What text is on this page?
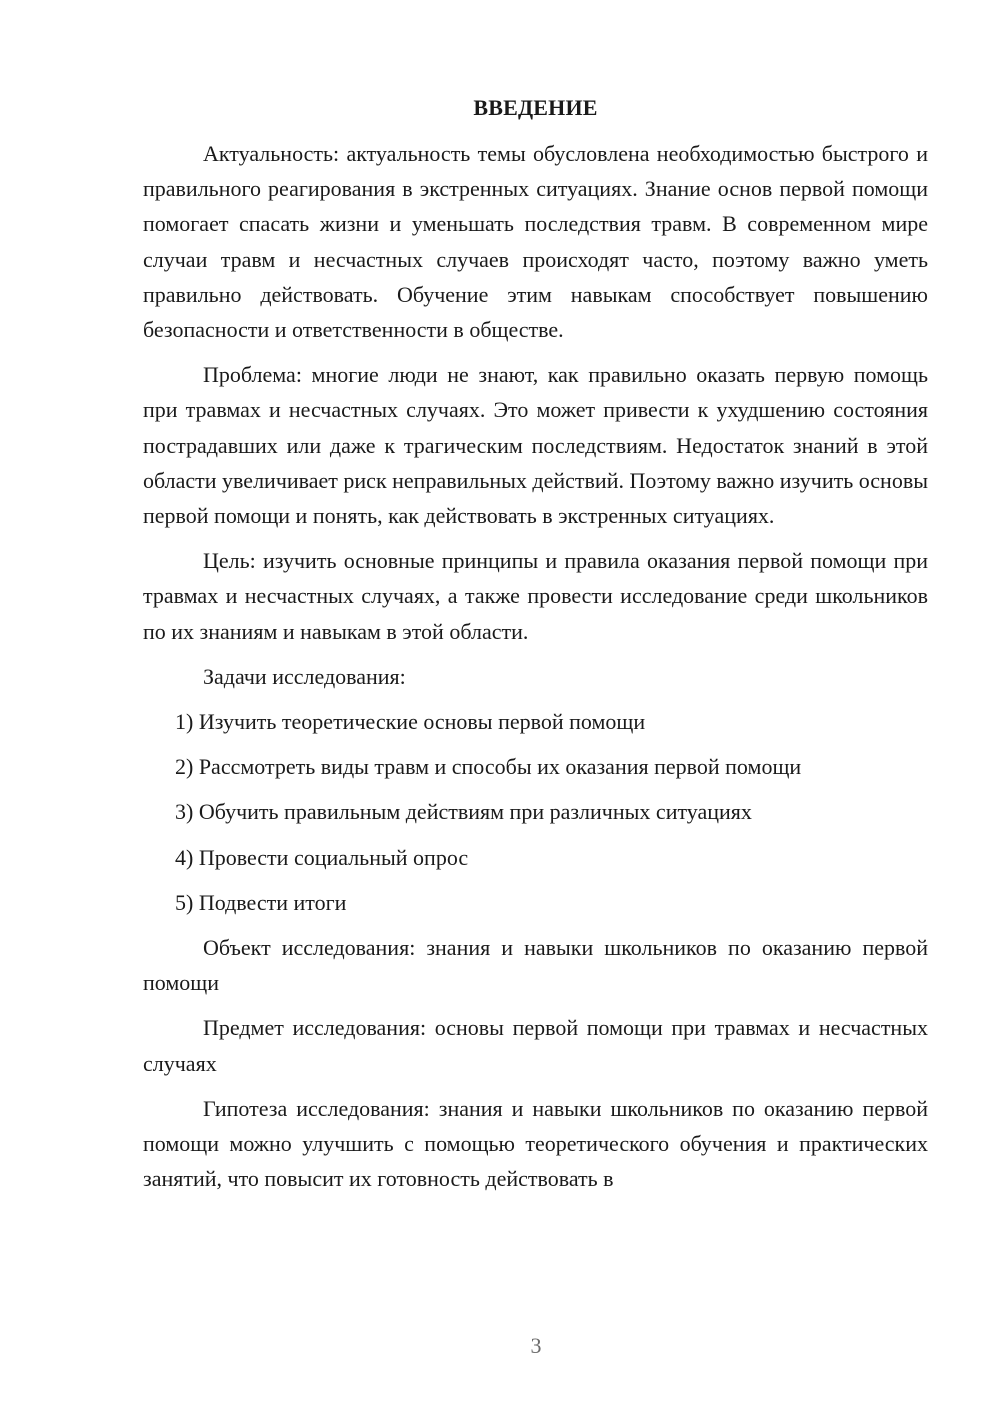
ВВЕДЕНИЕ

Актуальность: актуальность темы обусловлена необходимостью быстрого и правильного реагирования в экстренных ситуациях. Знание основ первой помощи помогает спасать жизни и уменьшать последствия травм. В современном мире случаи травм и несчастных случаев происходят часто, поэтому важно уметь правильно действовать. Обучение этим навыкам способствует повышению безопасности и ответственности в обществе.

Проблема: многие люди не знают, как правильно оказать первую помощь при травмах и несчастных случаях. Это может привести к ухудшению состояния пострадавших или даже к трагическим последствиям. Недостаток знаний в этой области увеличивает риск неправильных действий. Поэтому важно изучить основы первой помощи и понять, как действовать в экстренных ситуациях.

Цель: изучить основные принципы и правила оказания первой помощи при травмах и несчастных случаях, а также провести исследование среди школьников по их знаниям и навыкам в этой области.

Задачи исследования:

1) Изучить теоретические основы первой помощи
2) Рассмотреть виды травм и способы их оказания первой помощи
3) Обучить правильным действиям при различных ситуациях
4) Провести социальный опрос
5) Подвести итоги

Объект исследования: знания и навыки школьников по оказанию первой помощи

Предмет исследования: основы первой помощи при травмах и несчастных случаях

Гипотеза исследования: знания и навыки школьников по оказанию первой помощи можно улучшить с помощью теоретического обучения и практических занятий, что повысит их готовность действовать в

3
